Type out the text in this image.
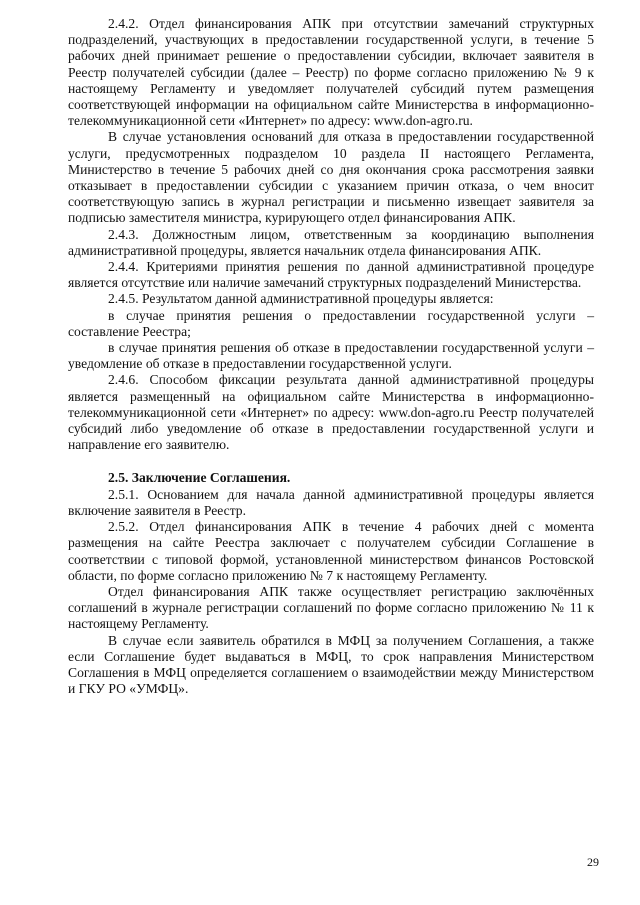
2.4.2. Отдел финансирования АПК при отсутствии замечаний структурных подразделений, участвующих в предоставлении государственной услуги, в течение 5 рабочих дней принимает решение о предоставлении субсидии, включает заявителя в Реестр получателей субсидии (далее – Реестр) по форме согласно приложению № 9 к настоящему Регламенту и уведомляет получателей субсидий путем размещения соответствующей информации на официальном сайте Министерства в информационно-телекоммуникационной сети «Интернет» по адресу: www.don-agro.ru.

В случае установления оснований для отказа в предоставлении государственной услуги, предусмотренных подразделом 10 раздела II настоящего Регламента, Министерство в течение 5 рабочих дней со дня окончания срока рассмотрения заявки отказывает в предоставлении субсидии с указанием причин отказа, о чем вносит соответствующую запись в журнал регистрации и письменно извещает заявителя за подписью заместителя министра, курирующего отдел финансирования АПК.

2.4.3. Должностным лицом, ответственным за координацию выполнения административной процедуры, является начальник отдела финансирования АПК.

2.4.4. Критериями принятия решения по данной административной процедуре является отсутствие или наличие замечаний структурных подразделений Министерства.

2.4.5. Результатом данной административной процедуры является:

в случае принятия решения о предоставлении государственной услуги – составление Реестра;

в случае принятия решения об отказе в предоставлении государственной услуги – уведомление об отказе в предоставлении государственной услуги.

2.4.6. Способом фиксации результата данной административной процедуры является размещенный на официальном сайте Министерства в информационно-телекоммуникационной сети «Интернет» по адресу: www.don-agro.ru Реестр получателей субсидий либо уведомление об отказе в предоставлении государственной услуги и направление его заявителю.

2.5. Заключение Соглашения.

2.5.1. Основанием для начала данной административной процедуры является включение заявителя в Реестр.

2.5.2. Отдел финансирования АПК в течение 4 рабочих дней с момента размещения на сайте Реестра заключает с получателем субсидии Соглашение в соответствии с типовой формой, установленной министерством финансов Ростовской области, по форме согласно приложению № 7 к настоящему Регламенту.

Отдел финансирования АПК также осуществляет регистрацию заключённых соглашений в журнале регистрации соглашений по форме согласно приложению № 11 к настоящему Регламенту.

В случае если заявитель обратился в МФЦ за получением Соглашения, а также если Соглашение будет выдаваться в МФЦ, то срок направления Министерством Соглашения в МФЦ определяется соглашением о взаимодействии между Министерством и ГКУ РО «УМФЦ».

29
